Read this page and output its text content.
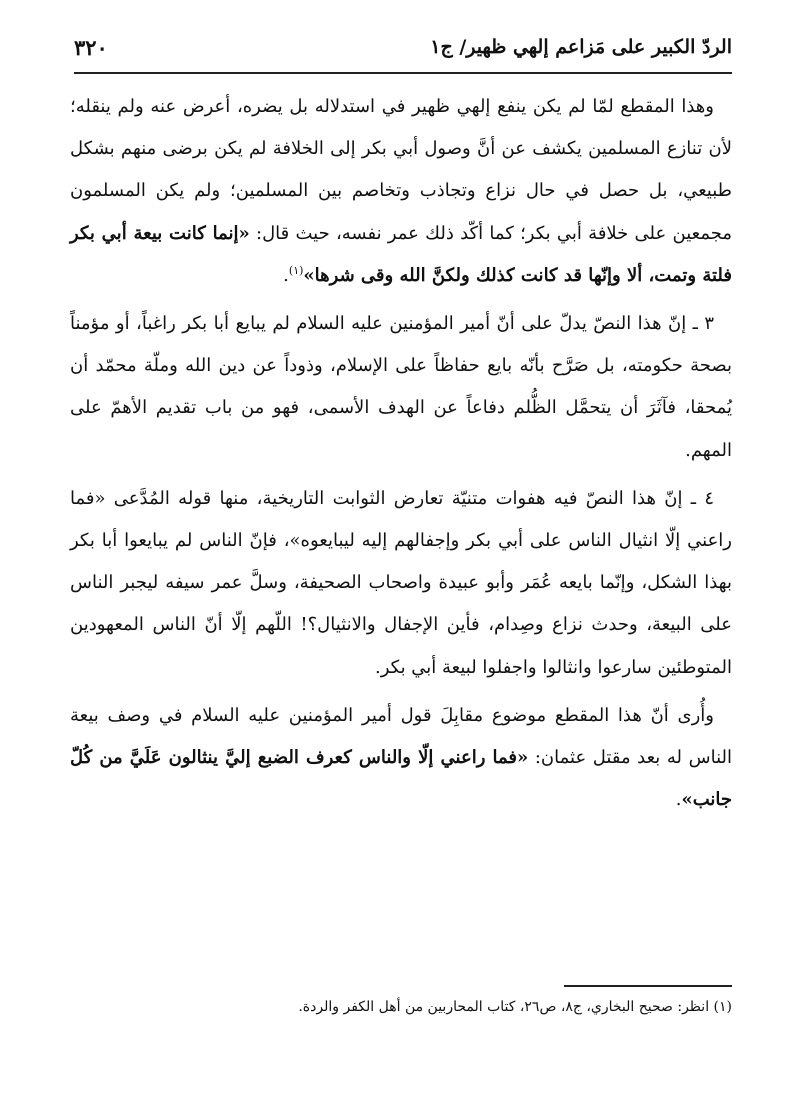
الردّ الكبير على مَزاعم إلهي ظهير/ ج١
٣٢٠

وهذا المقطع لمّا لم يكن ينفع إلهي ظهير في استدلاله بل يضره، أعرض عنه ولم ينقله؛ لأن تنازع المسلمين يكشف عن أنَّ وصول أبي بكر إلى الخلافة لم يكن برضى منهم بشكل طبيعي، بل حصل في حال نزاع وتجاذب وتخاصم بين المسلمين؛ ولم يكن المسلمون مجمعين على خلافة أبي بكر؛ كما أكّد ذلك عمر نفسه، حيث قال: «إنما كانت بيعة أبي بكر فلتة وتمت، ألا وإنّها قد كانت كذلك ولكنَّ الله وقى شرها»$^{(١)}$.

٣ ـ إنّ هذا النصّ يدلّ على أنّ أمير المؤمنين عليه السلام لم يبايع أبا بكر راغباً، أو مؤمناً بصحة حكومته، بل صَرَّح بأنّه بايع حفاظاً على الإسلام، وذوداً عن دين الله وملّة محمّد أن يُمحقا، فآثَرَ أن يتحمَّل الظُّلم دفاعاً عن الهدف الأسمى، فهو من باب تقديم الأهمّ على المهم.

٤ ـ إنّ هذا النصّ فيه هفوات متنيّة تعارض الثوابت التاريخية، منها قوله المُدَّعى «فما راعني إلّا انثيال الناس على أبي بكر وإجفالهم إليه ليبايعوه»، فإنّ الناس لم يبايعوا أبا بكر بهذا الشكل، وإنّما بايعه عُمَر وأبو عبيدة واصحاب الصحيفة، وسلَّ عمر سيفه ليجبر الناس على البيعة، وحدث نزاع وصِدام، فأين الإجفال والانثيال؟! اللّهم إلّا أنّ الناس المعهودين المتوطئين سارعوا وانثالوا واجفلوا لبيعة أبي بكر.

وأُرى أنّ هذا المقطع موضوع مقابِلَ قول أمير المؤمنين عليه السلام في وصف بيعة الناس له بعد مقتل عثمان: «فما راعني إلّا والناس كعرف الضبع إليَّ ينثالون عَلَيَّ من كُلّ جانب».

(١) انظر: صحيح البخاري، ج٨، ص٢٦، كتاب المحاربين من أهل الكفر والردة.
